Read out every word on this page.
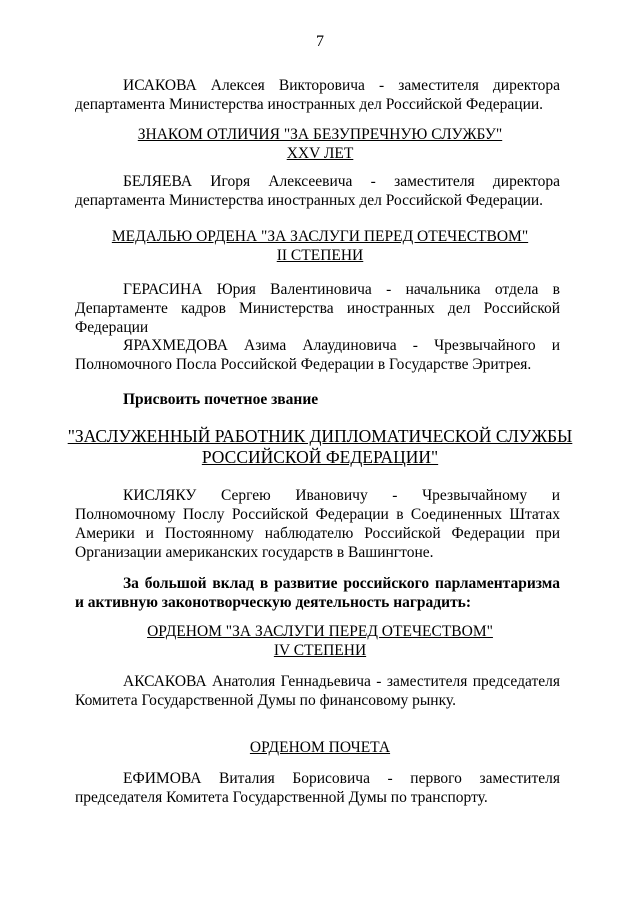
7
ИСАКОВА Алексея Викторовича - заместителя директора департамента Министерства иностранных дел Российской Федерации.
ЗНАКОМ ОТЛИЧИЯ "ЗА БЕЗУПРЕЧНУЮ СЛУЖБУ"
XXV ЛЕТ
БЕЛЯЕВА Игоря Алексеевича - заместителя директора департамента Министерства иностранных дел Российской Федерации.
МЕДАЛЬЮ ОРДЕНА "ЗА ЗАСЛУГИ ПЕРЕД ОТЕЧЕСТВОМ"
II СТЕПЕНИ
ГЕРАСИНА Юрия Валентиновича - начальника отдела в Департаменте кадров Министерства иностранных дел Российской Федерации
ЯРАХМЕДОВА Азима Алаудиновича - Чрезвычайного и Полномочного Посла Российской Федерации в Государстве Эритрея.
Присвоить почетное звание
"ЗАСЛУЖЕННЫЙ РАБОТНИК ДИПЛОМАТИЧЕСКОЙ СЛУЖБЫ
РОССИЙСКОЙ ФЕДЕРАЦИИ"
КИСЛЯКУ Сергею Ивановичу - Чрезвычайному и Полномочному Послу Российской Федерации в Соединенных Штатах Америки и Постоянному наблюдателю Российской Федерации при Организации американских государств в Вашингтоне.
За большой вклад в развитие российского парламентаризма
и активную законотворческую деятельность наградить:
ОРДЕНОМ "ЗА ЗАСЛУГИ ПЕРЕД ОТЕЧЕСТВОМ"
IV СТЕПЕНИ
АКСАКОВА Анатолия Геннадьевича - заместителя председателя Комитета Государственной Думы по финансовому рынку.
ОРДЕНОМ ПОЧЕТА
ЕФИМОВА Виталия Борисовича - первого заместителя председателя Комитета Государственной Думы по транспорту.
